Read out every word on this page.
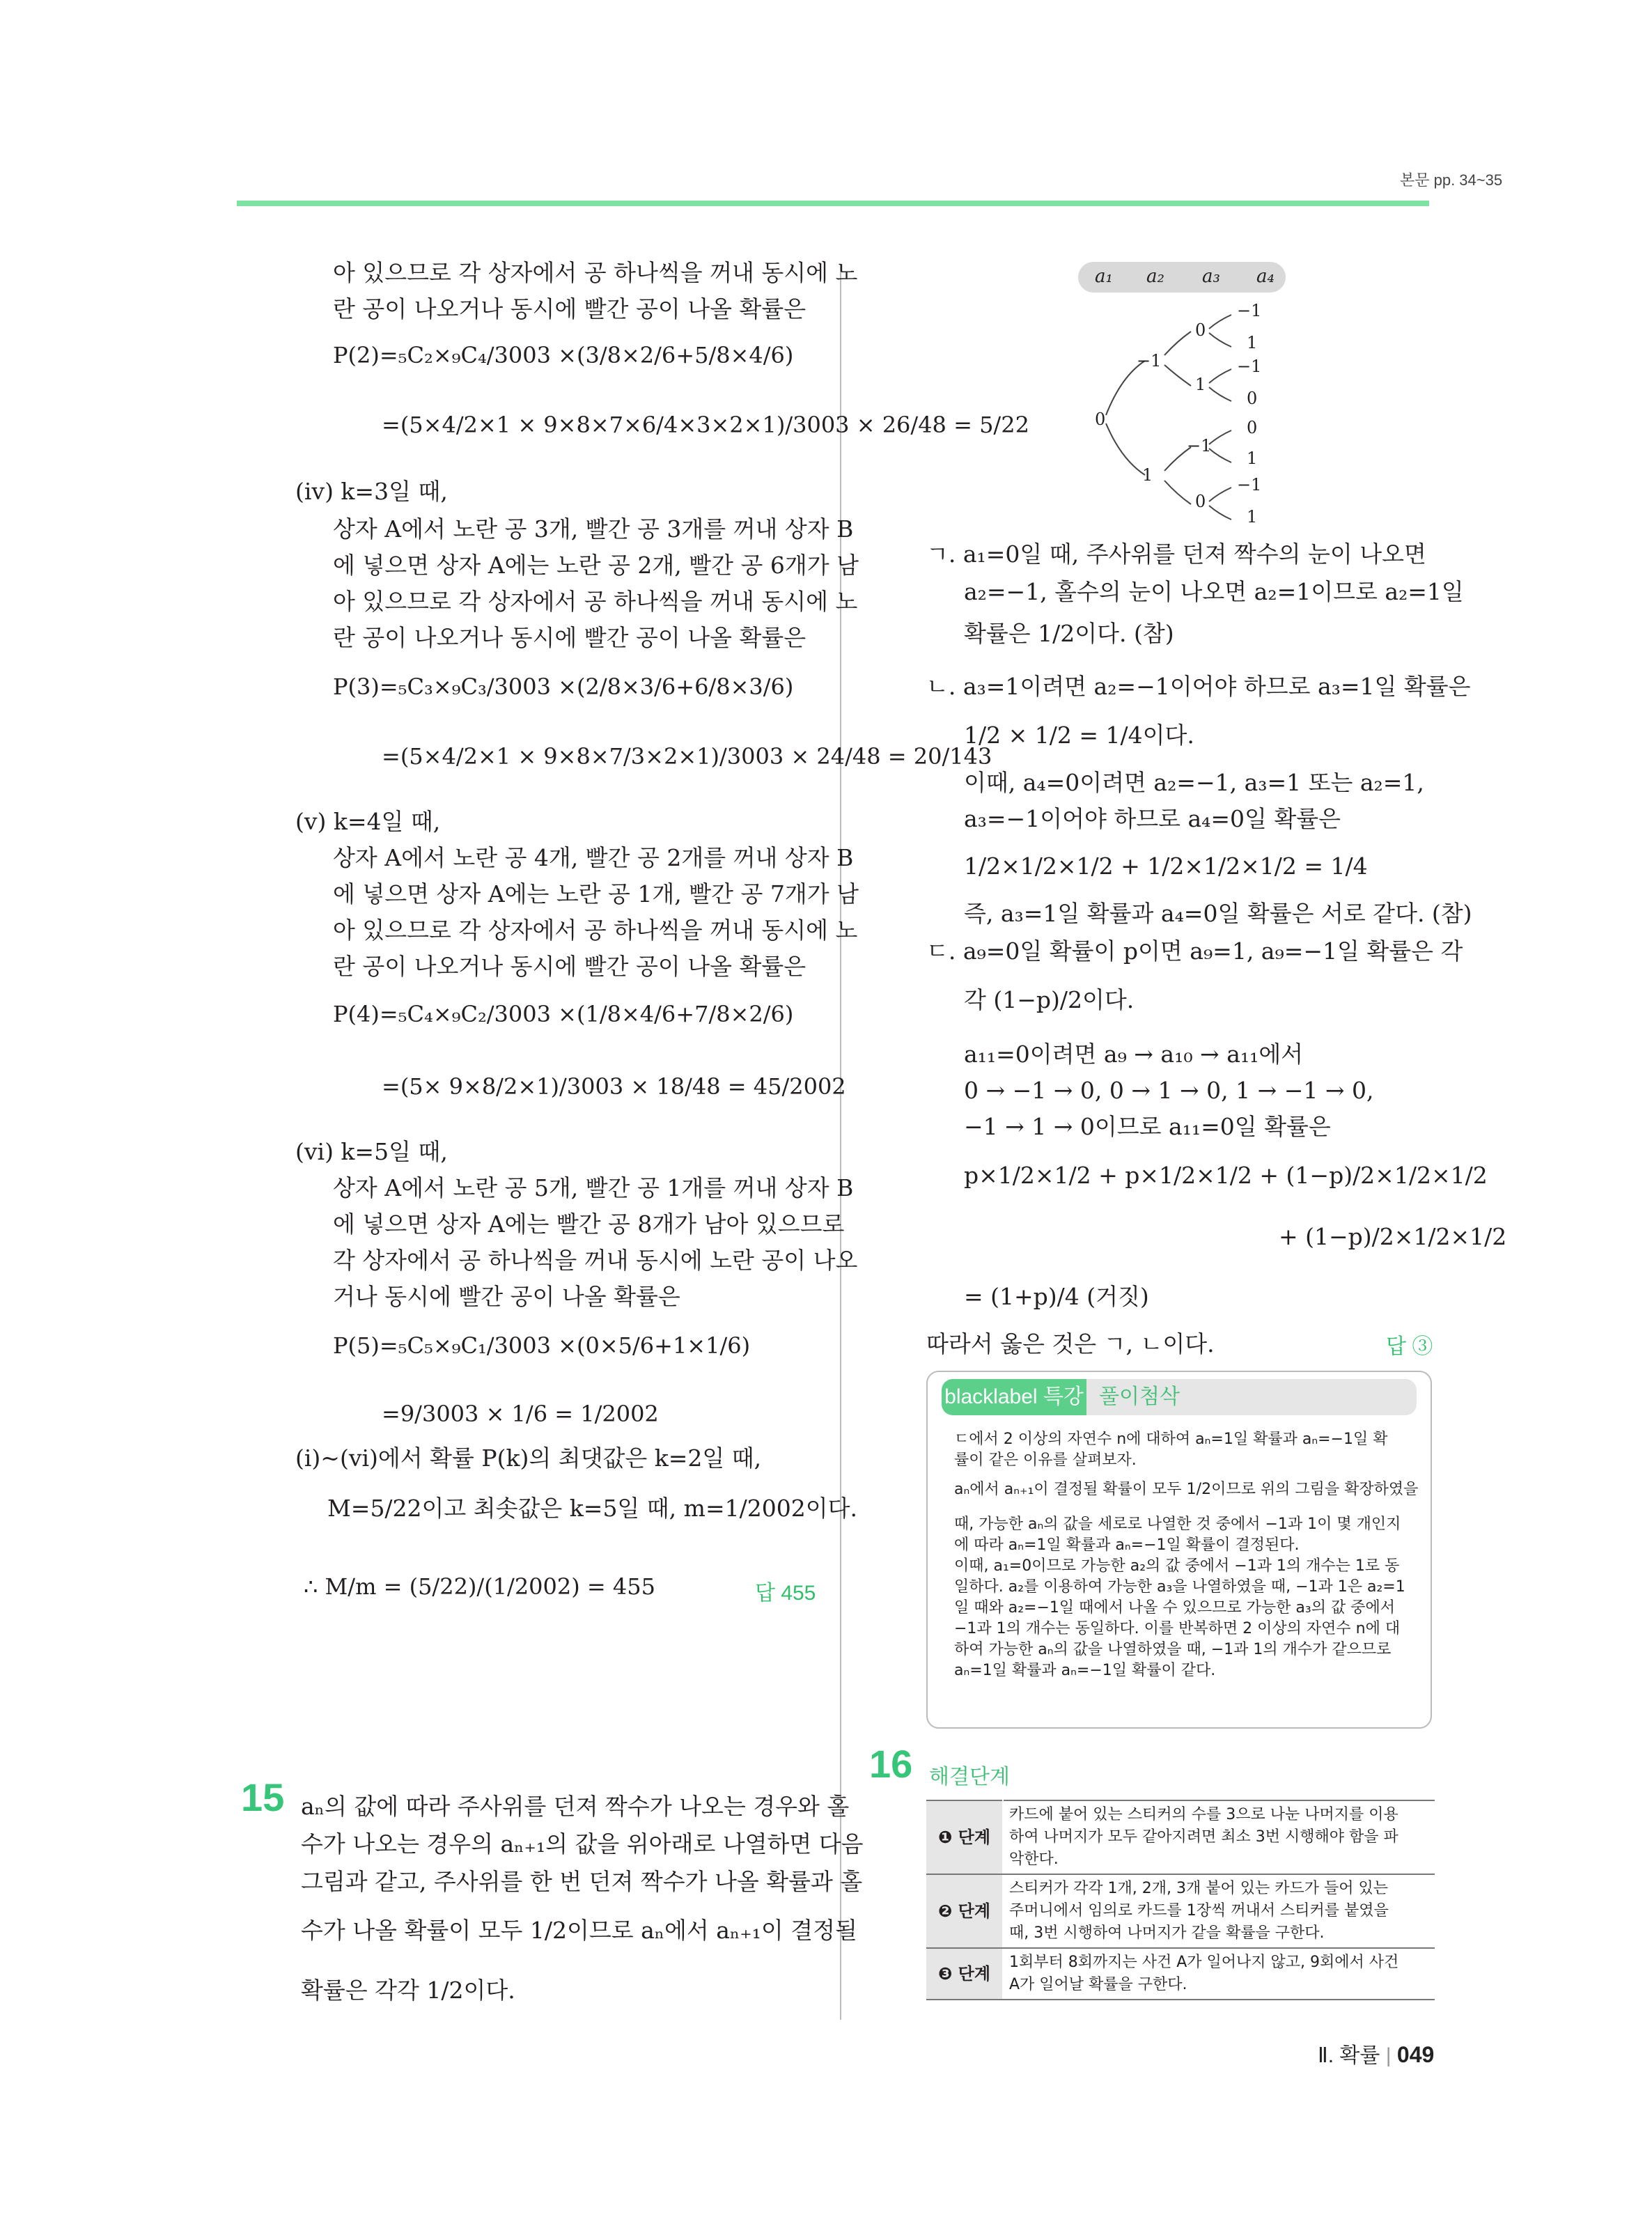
본문 pp. 34~35
아 있으므로 각 상자에서 공 하나씩을 꺼내 동시에 노
란 공이 나오거나 동시에 빨간 공이 나올 확률은
P(2)=₅C₂×₉C₄/3003 ×(3/8×2/6+5/8×4/6)
=(5×4/2×1 × 9×8×7×6/4×3×2×1)/3003 × 26/48 = 5/22
(iv) k=3일 때,
상자 A에서 노란 공 3개, 빨간 공 3개를 꺼내 상자 B
에 넣으면 상자 A에는 노란 공 2개, 빨간 공 6개가 남
아 있으므로 각 상자에서 공 하나씩을 꺼내 동시에 노
란 공이 나오거나 동시에 빨간 공이 나올 확률은
P(3)=₅C₃×₉C₃/3003 ×(2/8×3/6+6/8×3/6)
=(5×4/2×1 × 9×8×7/3×2×1)/3003 × 24/48 = 20/143
(v) k=4일 때,
상자 A에서 노란 공 4개, 빨간 공 2개를 꺼내 상자 B
에 넣으면 상자 A에는 노란 공 1개, 빨간 공 7개가 남
아 있으므로 각 상자에서 공 하나씩을 꺼내 동시에 노
란 공이 나오거나 동시에 빨간 공이 나올 확률은
P(4)=₅C₄×₉C₂/3003 ×(1/8×4/6+7/8×2/6)
=(5× 9×8/2×1)/3003 × 18/48 = 45/2002
(vi) k=5일 때,
상자 A에서 노란 공 5개, 빨간 공 1개를 꺼내 상자 B
에 넣으면 상자 A에는 빨간 공 8개가 남아 있으므로
각 상자에서 공 하나씩을 꺼내 동시에 노란 공이 나오
거나 동시에 빨간 공이 나올 확률은
P(5)=₅C₅×₉C₁/3003 ×(0×5/6+1×1/6)
=9/3003 × 1/6 = 1/2002
(i)~(vi)에서 확률 P(k)의 최댓값은 k=2일 때,
M=5/22이고 최솟값은 k=5일 때, m=1/2002이다.
∴ M/m = (5/22)/(1/2002) = 455	답 455
15 aₙ의 값에 따라 주사위를 던져 짝수가 나오는 경우와 홀
수가 나오는 경우의 aₙ₊₁의 값을 위아래로 나열하면 다음
그림과 같고, 주사위를 한 번 던져 짝수가 나올 확률과 홀
수가 나올 확률이 모두 1/2이므로 aₙ에서 aₙ₊₁이 결정될
확률은 각각 1/2이다.
a₁ a₂ a₃ a₄
0
−1
1
0
1
−1
0
−1
1
−1
0
0
1
−1
1
ㄱ. a₁=0일 때, 주사위를 던져 짝수의 눈이 나오면
a₂=−1, 홀수의 눈이 나오면 a₂=1이므로 a₂=1일
확률은 1/2이다. (참)
ㄴ. a₃=1이려면 a₂=−1이어야 하므로 a₃=1일 확률은
1/2 × 1/2 = 1/4이다.
이때, a₄=0이려면 a₂=−1, a₃=1 또는 a₂=1,
a₃=−1이어야 하므로 a₄=0일 확률은
1/2×1/2×1/2 + 1/2×1/2×1/2 = 1/4
즉, a₃=1일 확률과 a₄=0일 확률은 서로 같다. (참)
ㄷ. a₉=0일 확률이 p이면 a₉=1, a₉=−1일 확률은 각
각 (1−p)/2이다.
a₁₁=0이려면 a₉ → a₁₀ → a₁₁에서
0 → −1 → 0, 0 → 1 → 0, 1 → −1 → 0,
−1 → 1 → 0이므로 a₁₁=0일 확률은
p×1/2×1/2 + p×1/2×1/2 + (1−p)/2×1/2×1/2
+ (1−p)/2×1/2×1/2
= (1+p)/4 (거짓)
따라서 옳은 것은 ㄱ, ㄴ이다.	답 ③
blacklabel 특강 풀이첨삭
ㄷ에서 2 이상의 자연수 n에 대하여 aₙ=1일 확률과 aₙ=−1일 확
률이 같은 이유를 살펴보자.
aₙ에서 aₙ₊₁이 결정될 확률이 모두 1/2이므로 위의 그림을 확장하였을
때, 가능한 aₙ의 값을 세로로 나열한 것 중에서 −1과 1이 몇 개인지
에 따라 aₙ=1일 확률과 aₙ=−1일 확률이 결정된다.
이때, a₁=0이므로 가능한 a₂의 값 중에서 −1과 1의 개수는 1로 동
일하다. a₂를 이용하여 가능한 a₃을 나열하였을 때, −1과 1은 a₂=1
일 때와 a₂=−1일 때에서 나올 수 있으므로 가능한 a₃의 값 중에서
−1과 1의 개수는 동일하다. 이를 반복하면 2 이상의 자연수 n에 대
하여 가능한 aₙ의 값을 나열하였을 때, −1과 1의 개수가 같으므로
aₙ=1일 확률과 aₙ=−1일 확률이 같다.
16 해결단계
❶ 단계	카드에 붙어 있는 스티커의 수를 3으로 나눈 나머지를 이용
하여 나머지가 모두 같아지려면 최소 3번 시행해야 함을 파
악한다.

❷ 단계	스티커가 각각 1개, 2개, 3개 붙어 있는 카드가 들어 있는
주머니에서 임의로 카드를 1장씩 꺼내서 스티커를 붙였을
때, 3번 시행하여 나머지가 같을 확률을 구한다.

❸ 단계	1회부터 8회까지는 사건 A가 일어나지 않고, 9회에서 사건
A가 일어날 확률을 구한다.
Ⅱ. 확률 | 049
